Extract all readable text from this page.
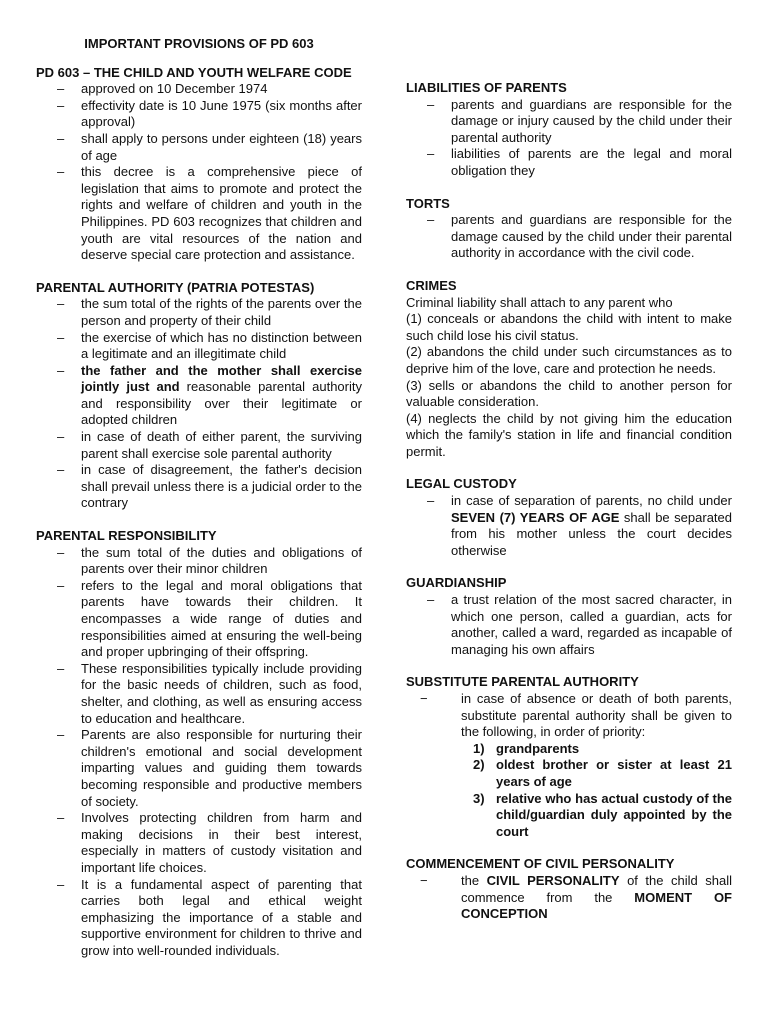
IMPORTANT PROVISIONS OF PD 603

PD 603 – THE CHILD AND YOUTH WELFARE CODE

– approved on 10 December 1974
– effectivity date is 10 June 1975 (six months after approval)
– shall apply to persons under eighteen (18) years of age
– this decree is a comprehensive piece of legislation that aims to promote and protect the rights and welfare of children and youth in the Philippines. PD 603 recognizes that children and youth are vital resources of the nation and deserve special care protection and assistance.

PARENTAL AUTHORITY (PATRIA POTESTAS)

– the sum total of the rights of the parents over the person and property of their child
– the exercise of which has no distinction between a legitimate and an illegitimate child
– the father and the mother shall exercise jointly just and reasonable parental authority and responsibility over their legitimate or adopted children
– in case of death of either parent, the surviving parent shall exercise sole parental authority
– in case of disagreement, the father's decision shall prevail unless there is a judicial order to the contrary

PARENTAL RESPONSIBILITY

– the sum total of the duties and obligations of parents over their minor children
– refers to the legal and moral obligations that parents have towards their children. It encompasses a wide range of duties and responsibilities aimed at ensuring the well-being and proper upbringing of their offspring.
– These responsibilities typically include providing for the basic needs of children, such as food, shelter, and clothing, as well as ensuring access to education and healthcare.
– Parents are also responsible for nurturing their children's emotional and social development imparting values and guiding them towards becoming responsible and productive members of society.
– Involves protecting children from harm and making decisions in their best interest, especially in matters of custody visitation and important life choices.
– It is a fundamental aspect of parenting that carries both legal and ethical weight emphasizing the importance of a stable and supportive environment for children to thrive and grow into well-rounded individuals.

LIABILITIES OF PARENTS

– parents and guardians are responsible for the damage or injury caused by the child under their parental authority
– liabilities of parents are the legal and moral obligation they

TORTS

– parents and guardians are responsible for the damage caused by the child under their parental authority in accordance with the civil code.

CRIMES

Criminal liability shall attach to any parent who

(1) conceals or abandons the child with intent to make such child lose his civil status.

(2) abandons the child under such circumstances as to deprive him of the love, care and protection he needs.

(3) sells or abandons the child to another person for valuable consideration.

(4) neglects the child by not giving him the education which the family's station in life and financial condition permit.

LEGAL CUSTODY

– in case of separation of parents, no child under SEVEN (7) YEARS OF AGE shall be separated from his mother unless the court decides otherwise

GUARDIANSHIP

– a trust relation of the most sacred character, in which one person, called a guardian, acts for another, called a ward, regarded as incapable of managing his own affairs

SUBSTITUTE PARENTAL AUTHORITY

− in case of absence or death of both parents, substitute parental authority shall be given to the following, in order of priority:
1) grandparents
2) oldest brother or sister at least 21 years of age
3) relative who has actual custody of the child/guardian duly appointed by the court

COMMENCEMENT OF CIVIL PERSONALITY

− the CIVIL PERSONALITY of the child shall commence from the MOMENT OF CONCEPTION
